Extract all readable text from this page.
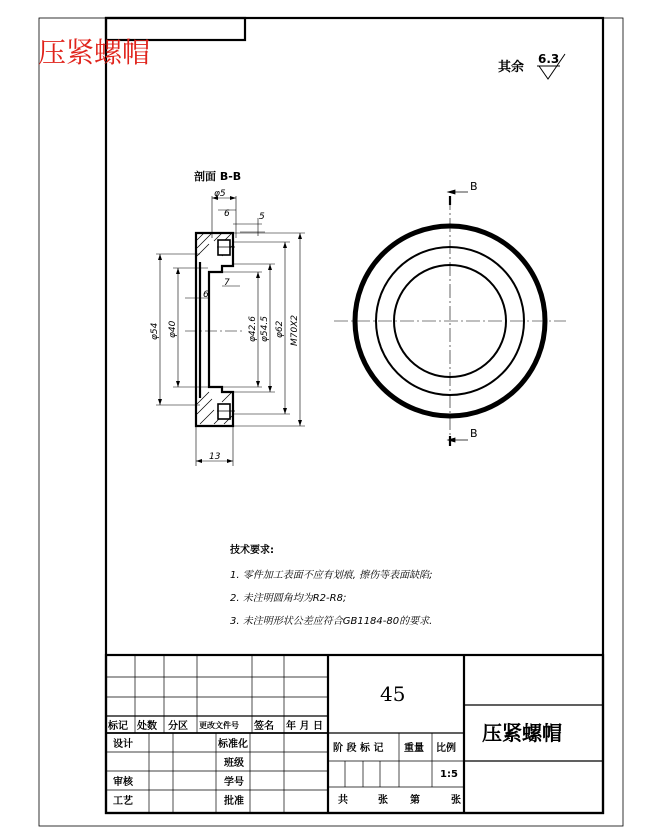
压紧螺帽	其余
6.3
剖面 B-B
φ5
6	5
φ54 φ40
6
7
φ42.6 φ54.5 φ62 M70X2
13
B
B
技术要求:
1. 零件加工表面不应有划痕, 擦伤等表面缺陷;
2. 未注明圆角均为R2-R8;
3. 未注明形状公差应符合GB1184-80的要求.
标记 处数 分区 更改文件号 签名 年 月 日
设计	标准化
班级
审核	学号
工艺	批准
阶 段 标 记 重量 比例
1:5
共	张 第	张
45
压紧螺帽
